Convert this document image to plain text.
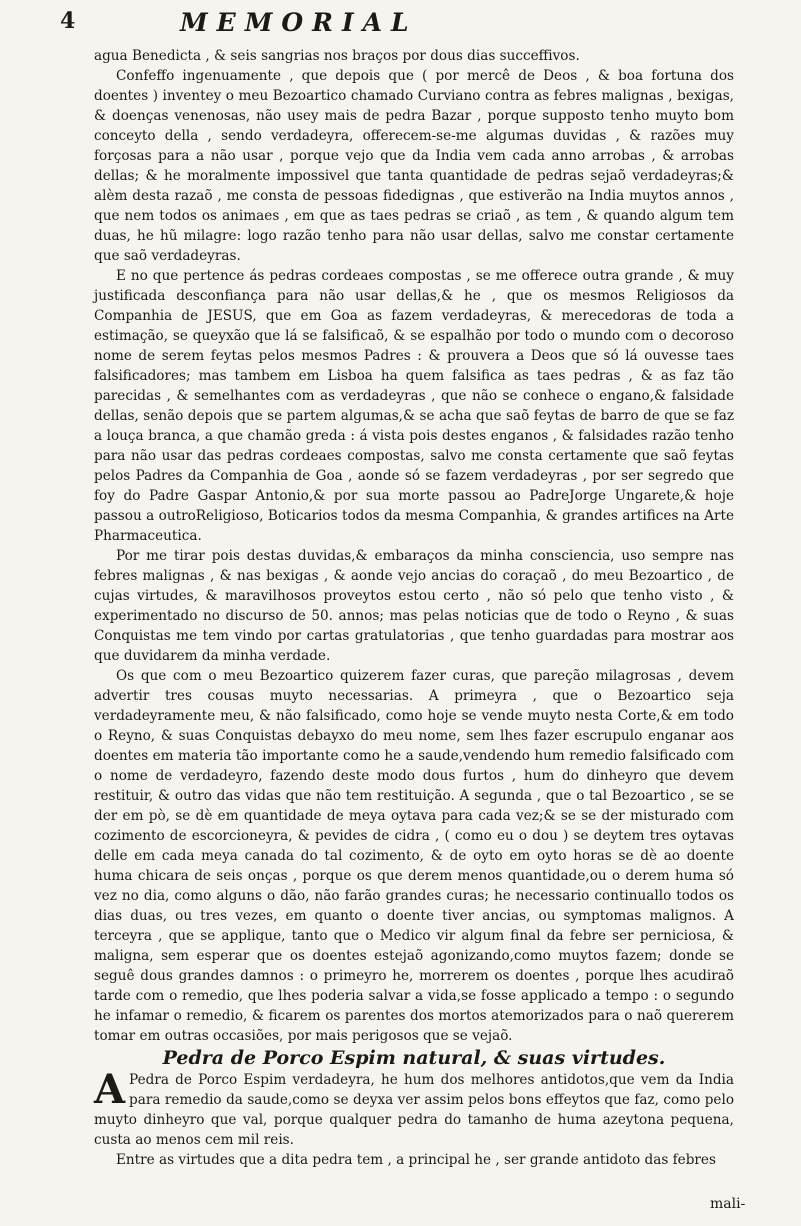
4	MEMORIAL

agua Benedicta , & seis sangrias nos braços por dous dias succeffivos.

Confeffo ingenuamente , que depois que ( por mercê de Deos , & boa fortuna dos doentes ) inventey o meu Bezoartico chamado Curviano contra as febres malignas , bexigas, & doenças venenosas, não usey mais de pedra Bazar , porque supposto tenho muyto bom conceyto della , sendo verdadeyra, offerecem-se-me algumas duvidas , & razões muy forçosas para a não usar , porque vejo que da India vem cada anno arrobas , & arrobas dellas; & he moralmente impossivel que tanta quantidade de pedras sejaõ verdadeyras;& alèm desta razaõ , me consta de pessoas fidedignas , que estiverão na India muytos annos , que nem todos os animaes , em que as taes pedras se criaõ , as tem , & quando algum tem duas, he hũ milagre: logo razão tenho para não usar dellas, salvo me constar certamente que saõ verdadeyras.

E no que pertence ás pedras cordeaes compostas , se me offerece outra grande , & muy justificada desconfiança para não usar dellas,& he , que os mesmos Religiosos da Companhia de JESUS, que em Goa as fazem verdadeyras, & merecedoras de toda a estimação, se queyxão que lá se falsificaõ, & se espalhão por todo o mundo com o decoroso nome de serem feytas pelos mesmos Padres : & prouvera a Deos que só lá ouvesse taes falsificadores; mas tambem em Lisboa ha quem falsifica as taes pedras , & as faz tão parecidas , & semelhantes com as verdadeyras , que não se conhece o engano,& falsidade dellas, senão depois que se partem algumas,& se acha que saõ feytas de barro de que se faz a louça branca, a que chamão greda : á vista pois destes enganos , & falsidades razão tenho para não usar das pedras cordeaes compostas, salvo me consta certamente que saõ feytas pelos Padres da Companhia de Goa , aonde só se fazem verdadeyras , por ser segredo que foy do Padre Gaspar Antonio,& por sua morte passou ao PadreJorge Ungarete,& hoje passou a outroReligioso, Boticarios todos da mesma Companhia, & grandes artifices na Arte Pharmaceutica.

Por me tirar pois destas duvidas,& embaraços da minha consciencia, uso sempre nas febres malignas , & nas bexigas , & aonde vejo ancias do coraçaõ , do meu Bezoartico , de cujas virtudes, & maravilhosos proveytos estou certo , não só pelo que tenho visto , & experimentado no discurso de 50. annos; mas pelas noticias que de todo o Reyno , & suas Conquistas me tem vindo por cartas gratulatorias , que tenho guardadas para mostrar aos que duvidarem da minha verdade.

Os que com o meu Bezoartico quizerem fazer curas, que pareção milagrosas , devem advertir tres cousas muyto necessarias. A primeyra , que o Bezoartico seja verdadeyramente meu, & não falsificado, como hoje se vende muyto nesta Corte,& em todo o Reyno, & suas Conquistas debayxo do meu nome, sem lhes fazer escrupulo enganar aos doentes em materia tão importante como he a saude,vendendo hum remedio falsificado com o nome de verdadeyro, fazendo deste modo dous furtos , hum do dinheyro que devem restituir, & outro das vidas que não tem restituição. A segunda , que o tal Bezoartico , se se der em pò, se dè em quantidade de meya oytava para cada vez;& se se der misturado com cozimento de escorcioneyra, & pevides de cidra , ( como eu o dou ) se deytem tres oytavas delle em cada meya canada do tal cozimento, & de oyto em oyto horas se dè ao doente huma chicara de seis onças , porque os que derem menos quantidade,ou o derem huma só vez no dia, como alguns o dão, não farão grandes curas; he necessario continuallo todos os dias duas, ou tres vezes, em quanto o doente tiver ancias, ou symptomas malignos. A terceyra , que se applique, tanto que o Medico vir algum final da febre ser perniciosa, & maligna, sem esperar que os doentes estejaõ agonizando,como muytos fazem; donde se seguê dous grandes damnos : o primeyro he, morrerem os doentes , porque lhes acudiraõ tarde com o remedio, que lhes poderia salvar a vida,se fosse applicado a tempo : o segundo he infamar o remedio, & ficarem os parentes dos mortos atemorizados para o naõ quererem tomar em outras occasiões, por mais perigosos que se vejaõ.

Pedra de Porco Espim natural, & suas virtudes.

A Pedra de Porco Espim verdadeyra, he hum dos melhores antidotos,que vem da India para remedio da saude,como se deyxa ver assim pelos bons effeytos que faz, como pelo muyto dinheyro que val, porque qualquer pedra do tamanho de huma azeytona pequena, custa ao menos cem mil reis.

Entre as virtudes que a dita pedra tem , a principal he , ser grande antidoto das febres

mali-
